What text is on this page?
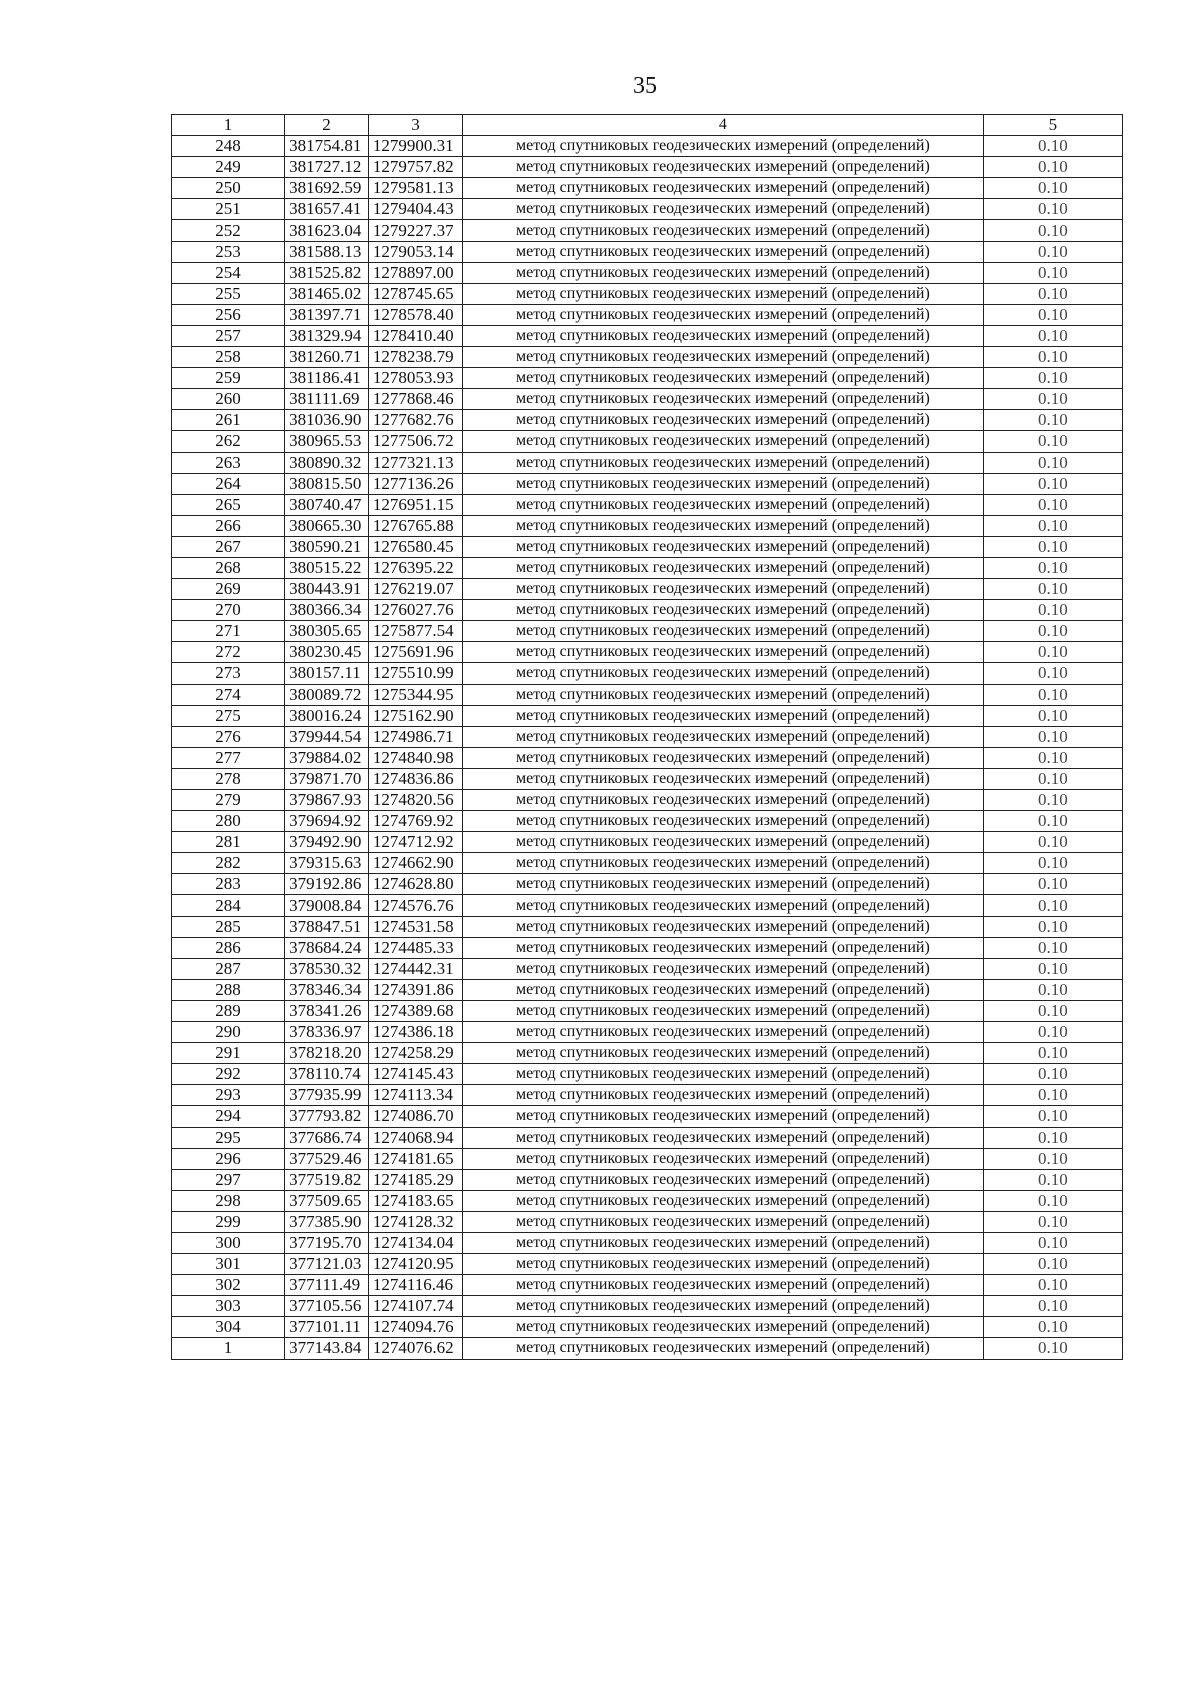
35
1	2	3	4	5
248	381754.81	1279900.31	метод спутниковых геодезических измерений (определений)	0.10
249	381727.12	1279757.82	метод спутниковых геодезических измерений (определений)	0.10
250	381692.59	1279581.13	метод спутниковых геодезических измерений (определений)	0.10
251	381657.41	1279404.43	метод спутниковых геодезических измерений (определений)	0.10
252	381623.04	1279227.37	метод спутниковых геодезических измерений (определений)	0.10
253	381588.13	1279053.14	метод спутниковых геодезических измерений (определений)	0.10
254	381525.82	1278897.00	метод спутниковых геодезических измерений (определений)	0.10
255	381465.02	1278745.65	метод спутниковых геодезических измерений (определений)	0.10
256	381397.71	1278578.40	метод спутниковых геодезических измерений (определений)	0.10
257	381329.94	1278410.40	метод спутниковых геодезических измерений (определений)	0.10
258	381260.71	1278238.79	метод спутниковых геодезических измерений (определений)	0.10
259	381186.41	1278053.93	метод спутниковых геодезических измерений (определений)	0.10
260	381111.69	1277868.46	метод спутниковых геодезических измерений (определений)	0.10
261	381036.90	1277682.76	метод спутниковых геодезических измерений (определений)	0.10
262	380965.53	1277506.72	метод спутниковых геодезических измерений (определений)	0.10
263	380890.32	1277321.13	метод спутниковых геодезических измерений (определений)	0.10
264	380815.50	1277136.26	метод спутниковых геодезических измерений (определений)	0.10
265	380740.47	1276951.15	метод спутниковых геодезических измерений (определений)	0.10
266	380665.30	1276765.88	метод спутниковых геодезических измерений (определений)	0.10
267	380590.21	1276580.45	метод спутниковых геодезических измерений (определений)	0.10
268	380515.22	1276395.22	метод спутниковых геодезических измерений (определений)	0.10
269	380443.91	1276219.07	метод спутниковых геодезических измерений (определений)	0.10
270	380366.34	1276027.76	метод спутниковых геодезических измерений (определений)	0.10
271	380305.65	1275877.54	метод спутниковых геодезических измерений (определений)	0.10
272	380230.45	1275691.96	метод спутниковых геодезических измерений (определений)	0.10
273	380157.11	1275510.99	метод спутниковых геодезических измерений (определений)	0.10
274	380089.72	1275344.95	метод спутниковых геодезических измерений (определений)	0.10
275	380016.24	1275162.90	метод спутниковых геодезических измерений (определений)	0.10
276	379944.54	1274986.71	метод спутниковых геодезических измерений (определений)	0.10
277	379884.02	1274840.98	метод спутниковых геодезических измерений (определений)	0.10
278	379871.70	1274836.86	метод спутниковых геодезических измерений (определений)	0.10
279	379867.93	1274820.56	метод спутниковых геодезических измерений (определений)	0.10
280	379694.92	1274769.92	метод спутниковых геодезических измерений (определений)	0.10
281	379492.90	1274712.92	метод спутниковых геодезических измерений (определений)	0.10
282	379315.63	1274662.90	метод спутниковых геодезических измерений (определений)	0.10
283	379192.86	1274628.80	метод спутниковых геодезических измерений (определений)	0.10
284	379008.84	1274576.76	метод спутниковых геодезических измерений (определений)	0.10
285	378847.51	1274531.58	метод спутниковых геодезических измерений (определений)	0.10
286	378684.24	1274485.33	метод спутниковых геодезических измерений (определений)	0.10
287	378530.32	1274442.31	метод спутниковых геодезических измерений (определений)	0.10
288	378346.34	1274391.86	метод спутниковых геодезических измерений (определений)	0.10
289	378341.26	1274389.68	метод спутниковых геодезических измерений (определений)	0.10
290	378336.97	1274386.18	метод спутниковых геодезических измерений (определений)	0.10
291	378218.20	1274258.29	метод спутниковых геодезических измерений (определений)	0.10
292	378110.74	1274145.43	метод спутниковых геодезических измерений (определений)	0.10
293	377935.99	1274113.34	метод спутниковых геодезических измерений (определений)	0.10
294	377793.82	1274086.70	метод спутниковых геодезических измерений (определений)	0.10
295	377686.74	1274068.94	метод спутниковых геодезических измерений (определений)	0.10
296	377529.46	1274181.65	метод спутниковых геодезических измерений (определений)	0.10
297	377519.82	1274185.29	метод спутниковых геодезических измерений (определений)	0.10
298	377509.65	1274183.65	метод спутниковых геодезических измерений (определений)	0.10
299	377385.90	1274128.32	метод спутниковых геодезических измерений (определений)	0.10
300	377195.70	1274134.04	метод спутниковых геодезических измерений (определений)	0.10
301	377121.03	1274120.95	метод спутниковых геодезических измерений (определений)	0.10
302	377111.49	1274116.46	метод спутниковых геодезических измерений (определений)	0.10
303	377105.56	1274107.74	метод спутниковых геодезических измерений (определений)	0.10
304	377101.11	1274094.76	метод спутниковых геодезических измерений (определений)	0.10
1	377143.84	1274076.62	метод спутниковых геодезических измерений (определений)	0.10
